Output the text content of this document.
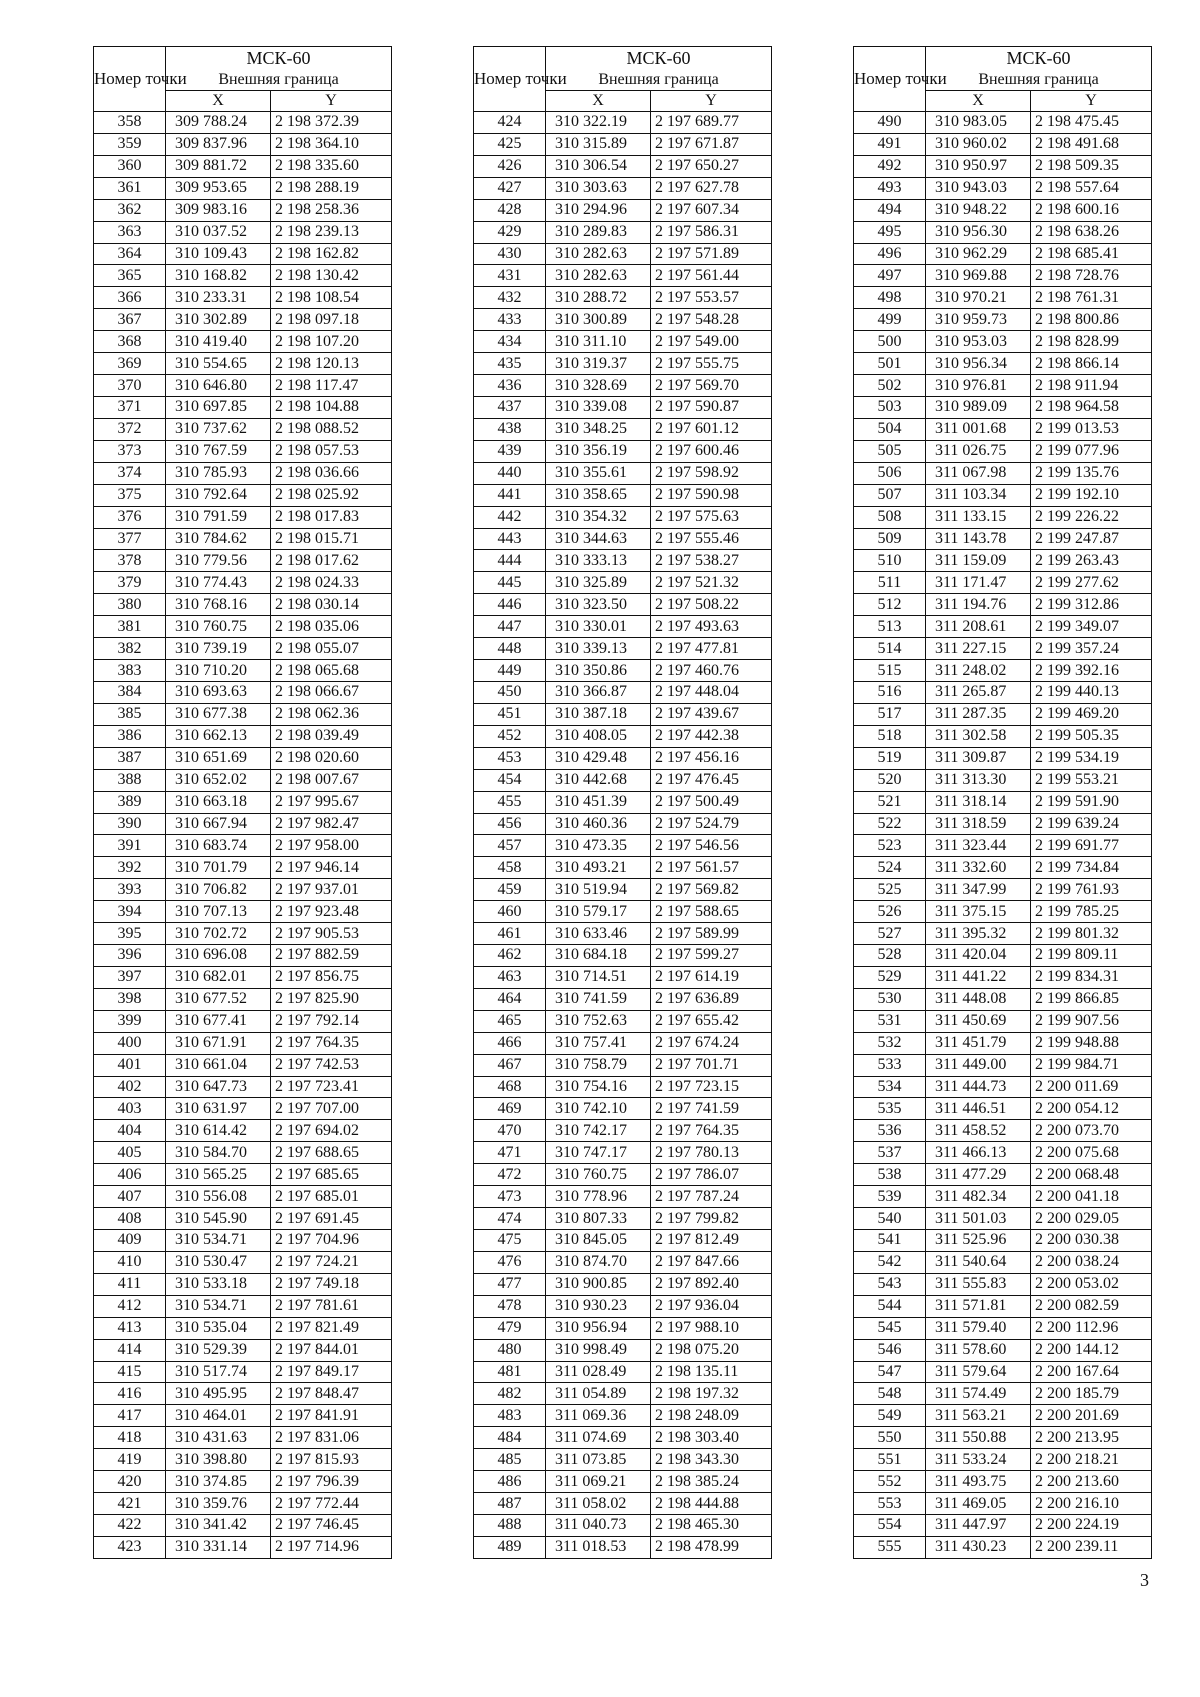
Номер точки	МСК-60	
	Внешняя граница	
	X	Y
358	309 788.24	2 198 372.39
359	309 837.96	2 198 364.10
360	309 881.72	2 198 335.60
361	309 953.65	2 198 288.19
362	309 983.16	2 198 258.36
363	310 037.52	2 198 239.13
364	310 109.43	2 198 162.82
365	310 168.82	2 198 130.42
366	310 233.31	2 198 108.54
367	310 302.89	2 198 097.18
368	310 419.40	2 198 107.20
369	310 554.65	2 198 120.13
370	310 646.80	2 198 117.47
371	310 697.85	2 198 104.88
372	310 737.62	2 198 088.52
373	310 767.59	2 198 057.53
374	310 785.93	2 198 036.66
375	310 792.64	2 198 025.92
376	310 791.59	2 198 017.83
377	310 784.62	2 198 015.71
378	310 779.56	2 198 017.62
379	310 774.43	2 198 024.33
380	310 768.16	2 198 030.14
381	310 760.75	2 198 035.06
382	310 739.19	2 198 055.07
383	310 710.20	2 198 065.68
384	310 693.63	2 198 066.67
385	310 677.38	2 198 062.36
386	310 662.13	2 198 039.49
387	310 651.69	2 198 020.60
388	310 652.02	2 198 007.67
389	310 663.18	2 197 995.67
390	310 667.94	2 197 982.47
391	310 683.74	2 197 958.00
392	310 701.79	2 197 946.14
393	310 706.82	2 197 937.01
394	310 707.13	2 197 923.48
395	310 702.72	2 197 905.53
396	310 696.08	2 197 882.59
397	310 682.01	2 197 856.75
398	310 677.52	2 197 825.90
399	310 677.41	2 197 792.14
400	310 671.91	2 197 764.35
401	310 661.04	2 197 742.53
402	310 647.73	2 197 723.41
403	310 631.97	2 197 707.00
404	310 614.42	2 197 694.02
405	310 584.70	2 197 688.65
406	310 565.25	2 197 685.65
407	310 556.08	2 197 685.01
408	310 545.90	2 197 691.45
409	310 534.71	2 197 704.96
410	310 530.47	2 197 724.21
411	310 533.18	2 197 749.18
412	310 534.71	2 197 781.61
413	310 535.04	2 197 821.49
414	310 529.39	2 197 844.01
415	310 517.74	2 197 849.17
416	310 495.95	2 197 848.47
417	310 464.01	2 197 841.91
418	310 431.63	2 197 831.06
419	310 398.80	2 197 815.93
420	310 374.85	2 197 796.39
421	310 359.76	2 197 772.44
422	310 341.42	2 197 746.45
423	310 331.14	2 197 714.96
Номер точки	МСК-60	
	Внешняя граница	
	X	Y
424	310 322.19	2 197 689.77
425	310 315.89	2 197 671.87
426	310 306.54	2 197 650.27
427	310 303.63	2 197 627.78
428	310 294.96	2 197 607.34
429	310 289.83	2 197 586.31
430	310 282.63	2 197 571.89
431	310 282.63	2 197 561.44
432	310 288.72	2 197 553.57
433	310 300.89	2 197 548.28
434	310 311.10	2 197 549.00
435	310 319.37	2 197 555.75
436	310 328.69	2 197 569.70
437	310 339.08	2 197 590.87
438	310 348.25	2 197 601.12
439	310 356.19	2 197 600.46
440	310 355.61	2 197 598.92
441	310 358.65	2 197 590.98
442	310 354.32	2 197 575.63
443	310 344.63	2 197 555.46
444	310 333.13	2 197 538.27
445	310 325.89	2 197 521.32
446	310 323.50	2 197 508.22
447	310 330.01	2 197 493.63
448	310 339.13	2 197 477.81
449	310 350.86	2 197 460.76
450	310 366.87	2 197 448.04
451	310 387.18	2 197 439.67
452	310 408.05	2 197 442.38
453	310 429.48	2 197 456.16
454	310 442.68	2 197 476.45
455	310 451.39	2 197 500.49
456	310 460.36	2 197 524.79
457	310 473.35	2 197 546.56
458	310 493.21	2 197 561.57
459	310 519.94	2 197 569.82
460	310 579.17	2 197 588.65
461	310 633.46	2 197 589.99
462	310 684.18	2 197 599.27
463	310 714.51	2 197 614.19
464	310 741.59	2 197 636.89
465	310 752.63	2 197 655.42
466	310 757.41	2 197 674.24
467	310 758.79	2 197 701.71
468	310 754.16	2 197 723.15
469	310 742.10	2 197 741.59
470	310 742.17	2 197 764.35
471	310 747.17	2 197 780.13
472	310 760.75	2 197 786.07
473	310 778.96	2 197 787.24
474	310 807.33	2 197 799.82
475	310 845.05	2 197 812.49
476	310 874.70	2 197 847.66
477	310 900.85	2 197 892.40
478	310 930.23	2 197 936.04
479	310 956.94	2 197 988.10
480	310 998.49	2 198 075.20
481	311 028.49	2 198 135.11
482	311 054.89	2 198 197.32
483	311 069.36	2 198 248.09
484	311 074.69	2 198 303.40
485	311 073.85	2 198 343.30
486	311 069.21	2 198 385.24
487	311 058.02	2 198 444.88
488	311 040.73	2 198 465.30
489	311 018.53	2 198 478.99
Номер точки	МСК-60	
	Внешняя граница	
	X	Y
490	310 983.05	2 198 475.45
491	310 960.02	2 198 491.68
492	310 950.97	2 198 509.35
493	310 943.03	2 198 557.64
494	310 948.22	2 198 600.16
495	310 956.30	2 198 638.26
496	310 962.29	2 198 685.41
497	310 969.88	2 198 728.76
498	310 970.21	2 198 761.31
499	310 959.73	2 198 800.86
500	310 953.03	2 198 828.99
501	310 956.34	2 198 866.14
502	310 976.81	2 198 911.94
503	310 989.09	2 198 964.58
504	311 001.68	2 199 013.53
505	311 026.75	2 199 077.96
506	311 067.98	2 199 135.76
507	311 103.34	2 199 192.10
508	311 133.15	2 199 226.22
509	311 143.78	2 199 247.87
510	311 159.09	2 199 263.43
511	311 171.47	2 199 277.62
512	311 194.76	2 199 312.86
513	311 208.61	2 199 349.07
514	311 227.15	2 199 357.24
515	311 248.02	2 199 392.16
516	311 265.87	2 199 440.13
517	311 287.35	2 199 469.20
518	311 302.58	2 199 505.35
519	311 309.87	2 199 534.19
520	311 313.30	2 199 553.21
521	311 318.14	2 199 591.90
522	311 318.59	2 199 639.24
523	311 323.44	2 199 691.77
524	311 332.60	2 199 734.84
525	311 347.99	2 199 761.93
526	311 375.15	2 199 785.25
527	311 395.32	2 199 801.32
528	311 420.04	2 199 809.11
529	311 441.22	2 199 834.31
530	311 448.08	2 199 866.85
531	311 450.69	2 199 907.56
532	311 451.79	2 199 948.88
533	311 449.00	2 199 984.71
534	311 444.73	2 200 011.69
535	311 446.51	2 200 054.12
536	311 458.52	2 200 073.70
537	311 466.13	2 200 075.68
538	311 477.29	2 200 068.48
539	311 482.34	2 200 041.18
540	311 501.03	2 200 029.05
541	311 525.96	2 200 030.38
542	311 540.64	2 200 038.24
543	311 555.83	2 200 053.02
544	311 571.81	2 200 082.59
545	311 579.40	2 200 112.96
546	311 578.60	2 200 144.12
547	311 579.64	2 200 167.64
548	311 574.49	2 200 185.79
549	311 563.21	2 200 201.69
550	311 550.88	2 200 213.95
551	311 533.24	2 200 218.21
552	311 493.75	2 200 213.60
553	311 469.05	2 200 216.10
554	311 447.97	2 200 224.19
555	311 430.23	2 200 239.11
3
